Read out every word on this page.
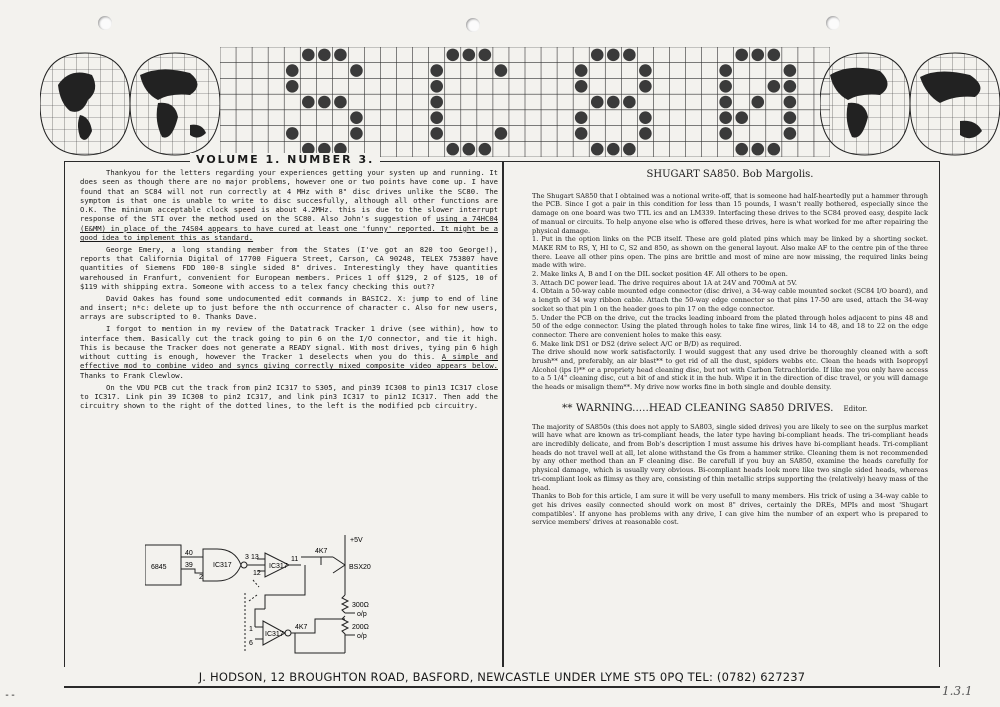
VOLUME 1. NUMBER 3.

Thankyou for the letters regarding your experiences getting your systen up and running. It does seen as though there are no major problems, however one or two points have come up. I have found that an SC84 will not run correctly at 4 MHz with 8" disc drives unlike the SC80. The symptom is that one is unable to write to disc succesfully, although all other functions are O.K. The mininum acceptable clock speed is about 4.2MHz. this is due to the slower interrupt response of the STI over the method used on the SC80. Also John's suggestion of using a 74HC04 (E&MM) in place of the 74S04 appears to have cured at least one 'funny' reported. It might be a good idea to implement this as standard.

George Emery, a long standing member from the States (I've got an 820 too George!), reports that California Digital of 17700 Figuera Street, Carson, CA 90248, TELEX 753807 have quantities of Siemens FDD 100-8 single sided 8" drives. Interestingly they have quantities warehoused in Franfurt, convenient for European members. Prices 1 off $129, 2 of $125, 10 of $119 with shipping extra. Someone with access to a telex fancy checking this out??

David Oakes has found some undocumented edit commands in BASIC2. X: jump to end of line and insert; n*c: delete up to just before the nth occurrence of character c. Also for new users, arrays are subscripted to 0. Thanks Dave.

I forgot to mention in my review of the Datatrack Tracker 1 drive (see within), how to interface them. Basically cut the track going to pin 6 on the I/O connector, and tie it high. This is because the Tracker does not generate a READY signal. With most drives, tying pin 6 high without cutting is enough, however the Tracker 1 deselects when you do this. A simple and effective mod to combine video and syncs giving correctly mixed composite video appears below. Thanks to Frank Clewlow.

On the VDU PCB cut the track from pin2 IC317 to S305, and pin39 IC308 to pin13 IC317 close to IC317. Link pin 39 IC308 to pin2 IC317, and link pin3 IC317 to pin12 IC317. Then add the circuitry shown to the right of the dotted lines, to the left is the modified pcb circuitry.

6845
40
39
2
3 13
12
11
IC317	IC317
IC317
1
6
4K7
4K7
BSX20
+5V
300Ω
200Ω
o/p
o/p
SHUGART SA850. Bob Margolis.

The Shugart SA850 that I obtained was a notional write-off, that is someone had half-heartedly put a hammer through the PCB. Since I got a pair in this condition for less than 15 pounds, I wasn't really bothered, especially since the damage on one board was two TTL ics and an LM339. Interfacing these drives to the SC84 proved easy, despite lack of manual or circuits. To help anyone else who is offered these drives, here is what worked for me after repairing the physical damage.

1. Put in the option links on the PCB itself. These are gold plated pins which may be linked by a shorting socket. MAKE RM to RS, Y, HI to C, S2 and 850, as shown on the general layout. Also make AF to the centre pin of the three there. Leave all other pins open. The pins are brittle and most of mine are now missing, the required links being made with wire.

2. Make links A, B and I on the DIL socket position 4F. All others to be open.

3. Attach DC power lead. The drive requires about 1A at 24V and 700mA at 5V.

4. Obtain a 50-way cable mounted edge connector (disc drive), a 34-way cable mounted socket (SC84 I/O board), and a length of 34 way ribbon cable. Attach the 50-way edge connector so that pins 17-50 are used, attach the 34-way socket so that pin 1 on the header goes to pin 17 on the edge connector.

5. Under the PCB on the drive, cut the tracks leading inboard from the plated through holes adjacent to pins 48 and 50 of the edge connector. Using the plated through holes to take fine wires, link 14 to 48, and 18 to 22 on the edge connector. There are convenient holes to make this easy.

6. Make link DS1 or DS2 (drive select A/C or B/D) as required.

The drive should now work satisfactorily. I would suggest that any used drive be thoroughly cleaned with a soft brush** and, preferably, an air blast** to get rid of all the dust, spiders webbs etc. Clean the heads with Isopropyl Alcohol (ips I)** or a propriety head cleaning disc, but not with Carbon Tetrachloride. If like me you only have access to a 5 1/4" cleaning disc, cut a bit of and stick it in the hub. Wipe it in the direction of disc travel, or you will damage the heads or misalign them**. My drive now works fine in both single and double density.

** WARNING.....HEAD CLEANING SA850 DRIVES. Editor.

The majority of SA850s (this does not apply to SA803, single sided drives) you are likely to see on the surplus market will have what are known as tri-compliant heads, the later type having bi-compliant heads. The tri-compliant heads are incredibly delicate, and from Bob's description I must assume his drives have bi-compliant heads. Tri-compliant heads do not travel well at all, let alone withstand the Gs from a hammer strike. Cleaning them is not recommended by any other method than an F cleaning disc. Be carefull if you buy an SA850, examine the heads carefully for physical damage, which is usually very obvious. Bi-compliant heads look more like two single sided heads, whereas tri-compliant look as flimsy as they are, consisting of thin metallic strips supporting the (relatively) heavy mass of the head.

Thanks to Bob for this article, I am sure it will be very usefull to many members. His trick of using a 34-way cable to get his drives easily connected should work on most 8" drives, certainly the DREs, MPIs and most 'Shugart compatibles'. If anyone has problems with any drive, I can give him the number of an expert who is prepared to service members' drives at reasonable cost.

J. HODSON, 12 BROUGHTON ROAD, BASFORD, NEWCASTLE UNDER LYME ST5 0PQ TEL: (0782) 627237
1.3.1
--
